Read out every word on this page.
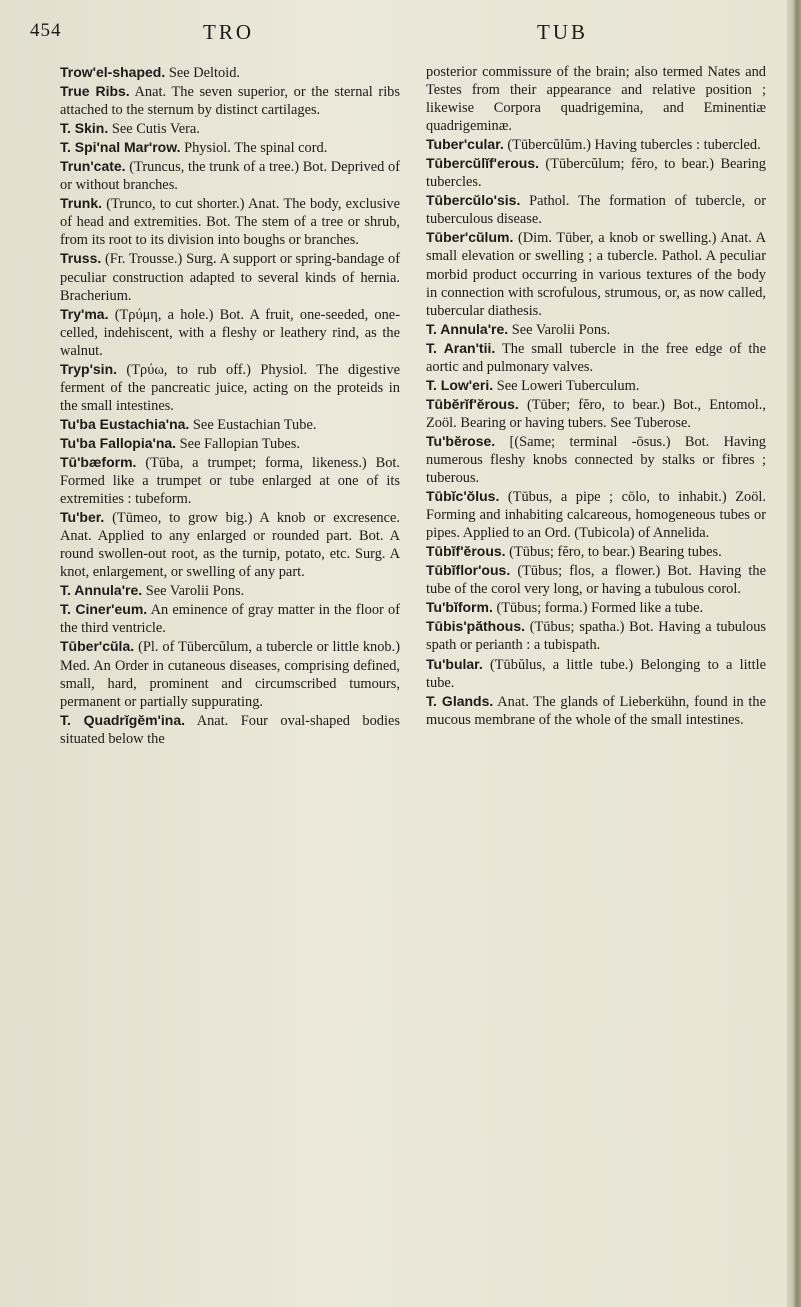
454	TRO	TUB

Trow'el-shaped. See Deltoid.

True Ribs. Anat. The seven superior, or the sternal ribs attached to the sternum by distinct cartilages.

T. Skin. See Cutis Vera.

T. Spi'nal Mar'row. Physiol. The spinal cord.

Trun'cate. (Truncus, the trunk of a tree.) Bot. Deprived of or without branches.

Trunk. (Trunco, to cut shorter.) Anat. The body, exclusive of head and extremities. Bot. The stem of a tree or shrub, from its root to its division into boughs or branches.

Truss. (Fr. Trousse.) Surg. A support or spring-bandage of peculiar construction adapted to several kinds of hernia. Bracherium.

Try'ma. (Τρύμη, a hole.) Bot. A fruit, one-seeded, one-celled, indehiscent, with a fleshy or leathery rind, as the walnut.

Tryp'sin. (Τρύω, to rub off.) Physiol. The digestive ferment of the pancreatic juice, acting on the proteids in the small intestines.

Tu'ba Eustachia'na. See Eustachian Tube.

Tu'ba Fallopia'na. See Fallopian Tubes.

Tū'bæform. (Tūba, a trumpet; forma, likeness.) Bot. Formed like a trumpet or tube enlarged at one of its extremities : tubeform.

Tu'ber. (Tūmeo, to grow big.) A knob or excresence. Anat. Applied to any enlarged or rounded part. Bot. A round swollen-out root, as the turnip, potato, etc. Surg. A knot, enlargement, or swelling of any part.

T. Annula're. See Varolii Pons.

T. Ciner'eum. An eminence of gray matter in the floor of the third ventricle.

Tūber'cŭla. (Pl. of Tūbercŭlum, a tubercle or little knob.) Med. An Order in cutaneous diseases, comprising defined, small, hard, prominent and circumscribed tumours, permanent or partially suppurating.

T. Quadrĭgĕm'ina. Anat. Four oval-shaped bodies situated below the

posterior commissure of the brain; also termed Nates and Testes from their appearance and relative position ; likewise Corpora quadrigemina, and Eminentiæ quadrigeminæ.

Tuber'cular. (Tūbercŭlŭm.) Having tubercles : tubercled.

Tūbercŭlĭf'erous. (Tūbercŭlum; fĕro, to bear.) Bearing tubercles.

Tūbercŭlo'sis. Pathol. The formation of tubercle, or tuberculous disease.

Tūber'cŭlum. (Dim. Tūber, a knob or swelling.) Anat. A small elevation or swelling ; a tubercle. Pathol. A peculiar morbid product occurring in various textures of the body in connection with scrofulous, strumous, or, as now called, tubercular diathesis.

T. Annula're. See Varolii Pons.

T. Aran'tii. The small tubercle in the free edge of the aortic and pulmonary valves.

T. Low'eri. See Loweri Tuberculum.

Tūbĕrĭf'ĕrous. (Tūber; fĕro, to bear.) Bot., Entomol., Zoöl. Bearing or having tubers. See Tuberose.

Tu'bĕrose. [(Same; terminal -ōsus.) Bot. Having numerous fleshy knobs connected by stalks or fibres ; tuberous.

Tūbĭc'ŏlus. (Tūbus, a pipe ; cōlo, to inhabit.) Zoöl. Forming and inhabiting calcareous, homogeneous tubes or pipes. Applied to an Ord. (Tubicola) of Annelida.

Tūbĭf'ĕrous. (Tūbus; fĕro, to bear.) Bearing tubes.

Tūbĭflor'ous. (Tūbus; flos, a flower.) Bot. Having the tube of the corol very long, or having a tubulous corol.

Tu'bĭform. (Tūbus; forma.) Formed like a tube.

Tūbis'păthous. (Tūbus; spatha.) Bot. Having a tubulous spath or perianth : a tubispath.

Tu'bular. (Tūbŭlus, a little tube.) Belonging to a little tube.

T. Glands. Anat. The glands of Lieberkühn, found in the mucous membrane of the whole of the small intestines.
